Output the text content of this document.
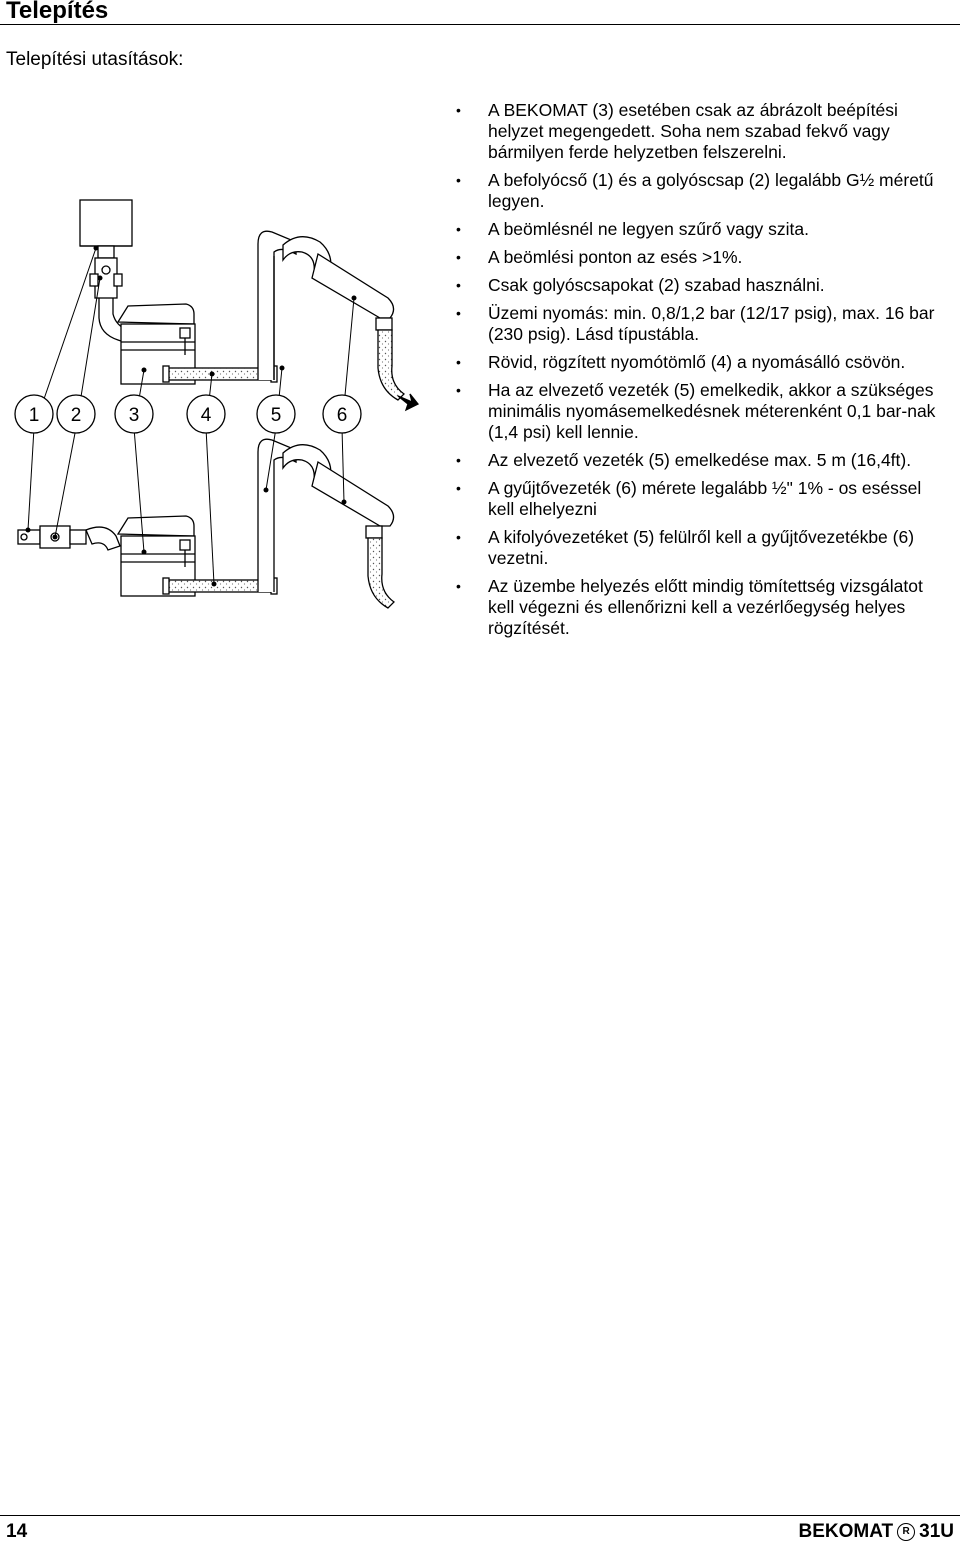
Telepítés
Telepítési utasítások:
1 2 3	4	5	6
• A BEKOMAT (3) esetében csak az ábrázolt beépítési helyzet megengedett. Soha nem szabad fekvő vagy bármilyen ferde helyzetben felszerelni.
• A befolyócső (1) és a golyóscsap (2) legalább G½ méretű legyen.
• A beömlésnél ne legyen szűrő vagy szita.
• A beömlési ponton az esés >1%.
• Csak golyóscsapokat (2) szabad használni.
• Üzemi nyomás: min. 0,8/1,2 bar (12/17 psig), max. 16 bar (230 psig). Lásd típustábla.
• Rövid, rögzített nyomótömlő (4) a nyomásálló csövön.
• Ha az elvezető vezeték (5) emelkedik, akkor a szükséges minimális nyomásemelkedésnek méterenként 0,1 bar-nak (1,4 psi) kell lennie.
• Az elvezető vezeték (5) emelkedése max. 5 m (16,4ft).
• A gyűjtővezeték (6) mérete legalább ½" 1% - os eséssel kell elhelyezni
• A kifolyóvezetéket (5) felülről kell a gyűjtővezetékbe (6) vezetni.
• Az üzembe helyezés előtt mindig tömítettség vizsgálatot kell végezni és ellenőrizni kell a vezérlőegység helyes rögzítését.
14	BEKOMAT R 31U
